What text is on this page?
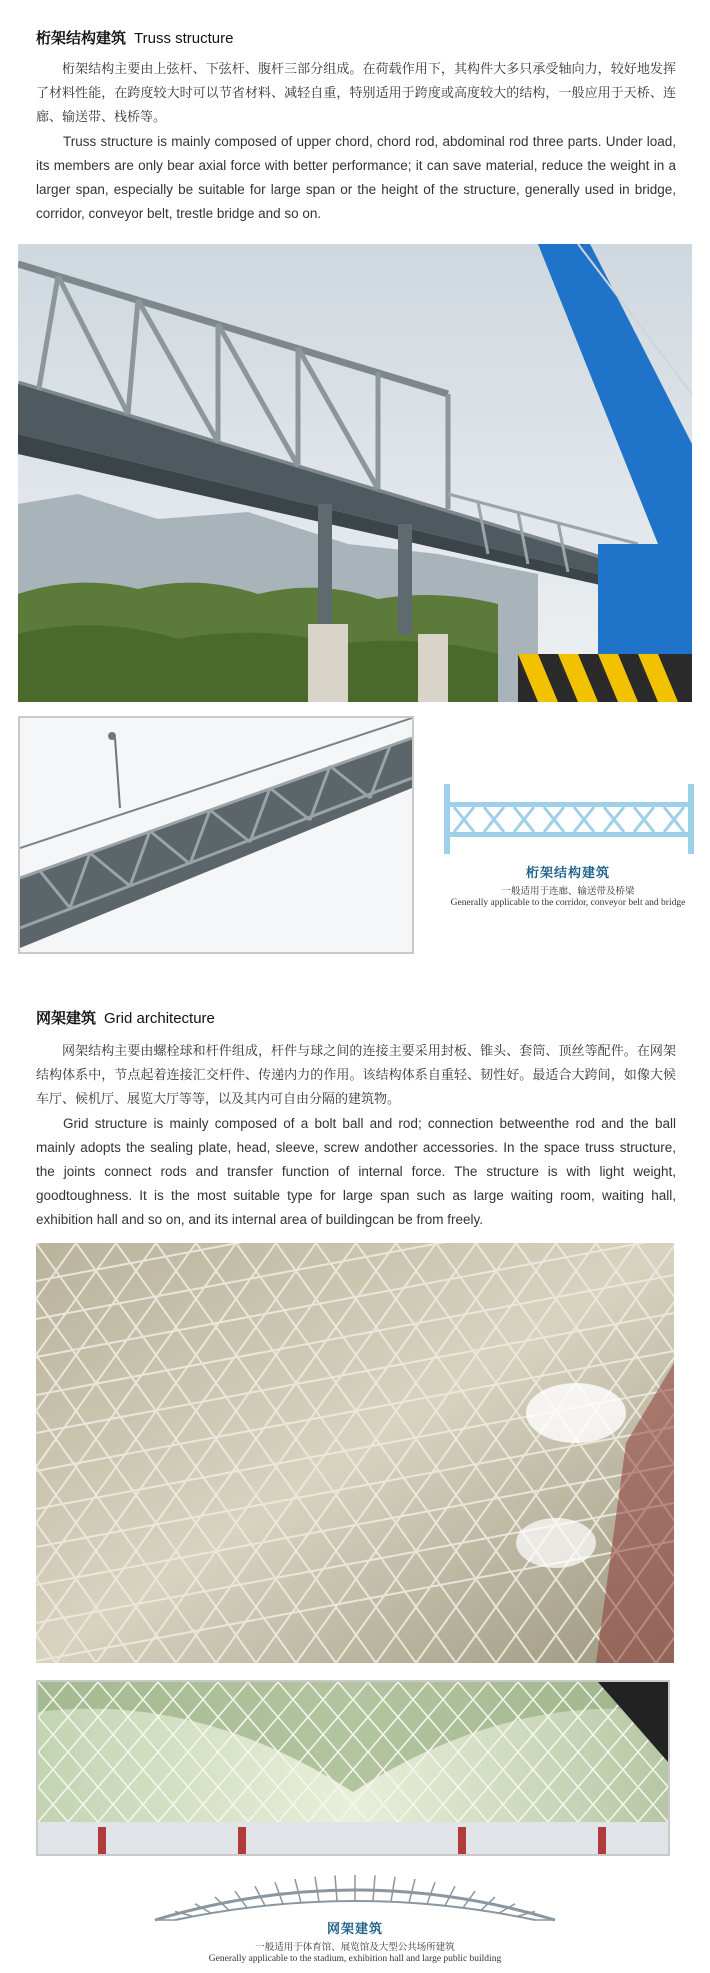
桁架结构建筑 Truss structure

桁架结构主要由上弦杆、下弦杆、腹杆三部分组成。在荷载作用下，其构件大多只承受轴向力，较好地发挥了材料性能，在跨度较大时可以节省材料、减轻自重，特别适用于跨度或高度较大的结构，一般应用于天桥、连廊、输送带、栈桥等。

Truss structure is mainly composed of upper chord, chord rod, abdominal rod three parts. Under load, its members are only bear axial force with better performance; it can save material, reduce the weight in a larger span, especially be suitable for large span or the height of the structure, generally used in bridge, corridor, conveyor belt, trestle bridge and so on.

桁架结构建筑
一般适用于连廊、输送带及桥梁
Generally applicable to the corridor, conveyor belt and bridge
网架建筑 Grid architecture

网架结构主要由螺栓球和杆件组成，杆件与球之间的连接主要采用封板、锥头、套筒、顶丝等配件。在网架结构体系中，节点起着连接汇交杆件、传递内力的作用。该结构体系自重轻、韧性好。最适合大跨间，如像大候车厅、候机厅、展览大厅等等，以及其内可自由分隔的建筑物。

Grid structure is mainly composed of a bolt ball and rod; connection betweenthe rod and the ball mainly adopts the sealing plate, head, sleeve, screw andother accessories. In the space truss structure, the joints connect rods and transfer function of internal force. The structure is with light weight, goodtoughness. It is the most suitable type for large span such as large waiting room, waiting hall, exhibition hall and so on, and its internal area of buildingcan be from freely.

网架建筑
一般适用于体育馆、展览馆及大型公共场所建筑
Generally applicable to the stadium, exhibition hall and large public building
